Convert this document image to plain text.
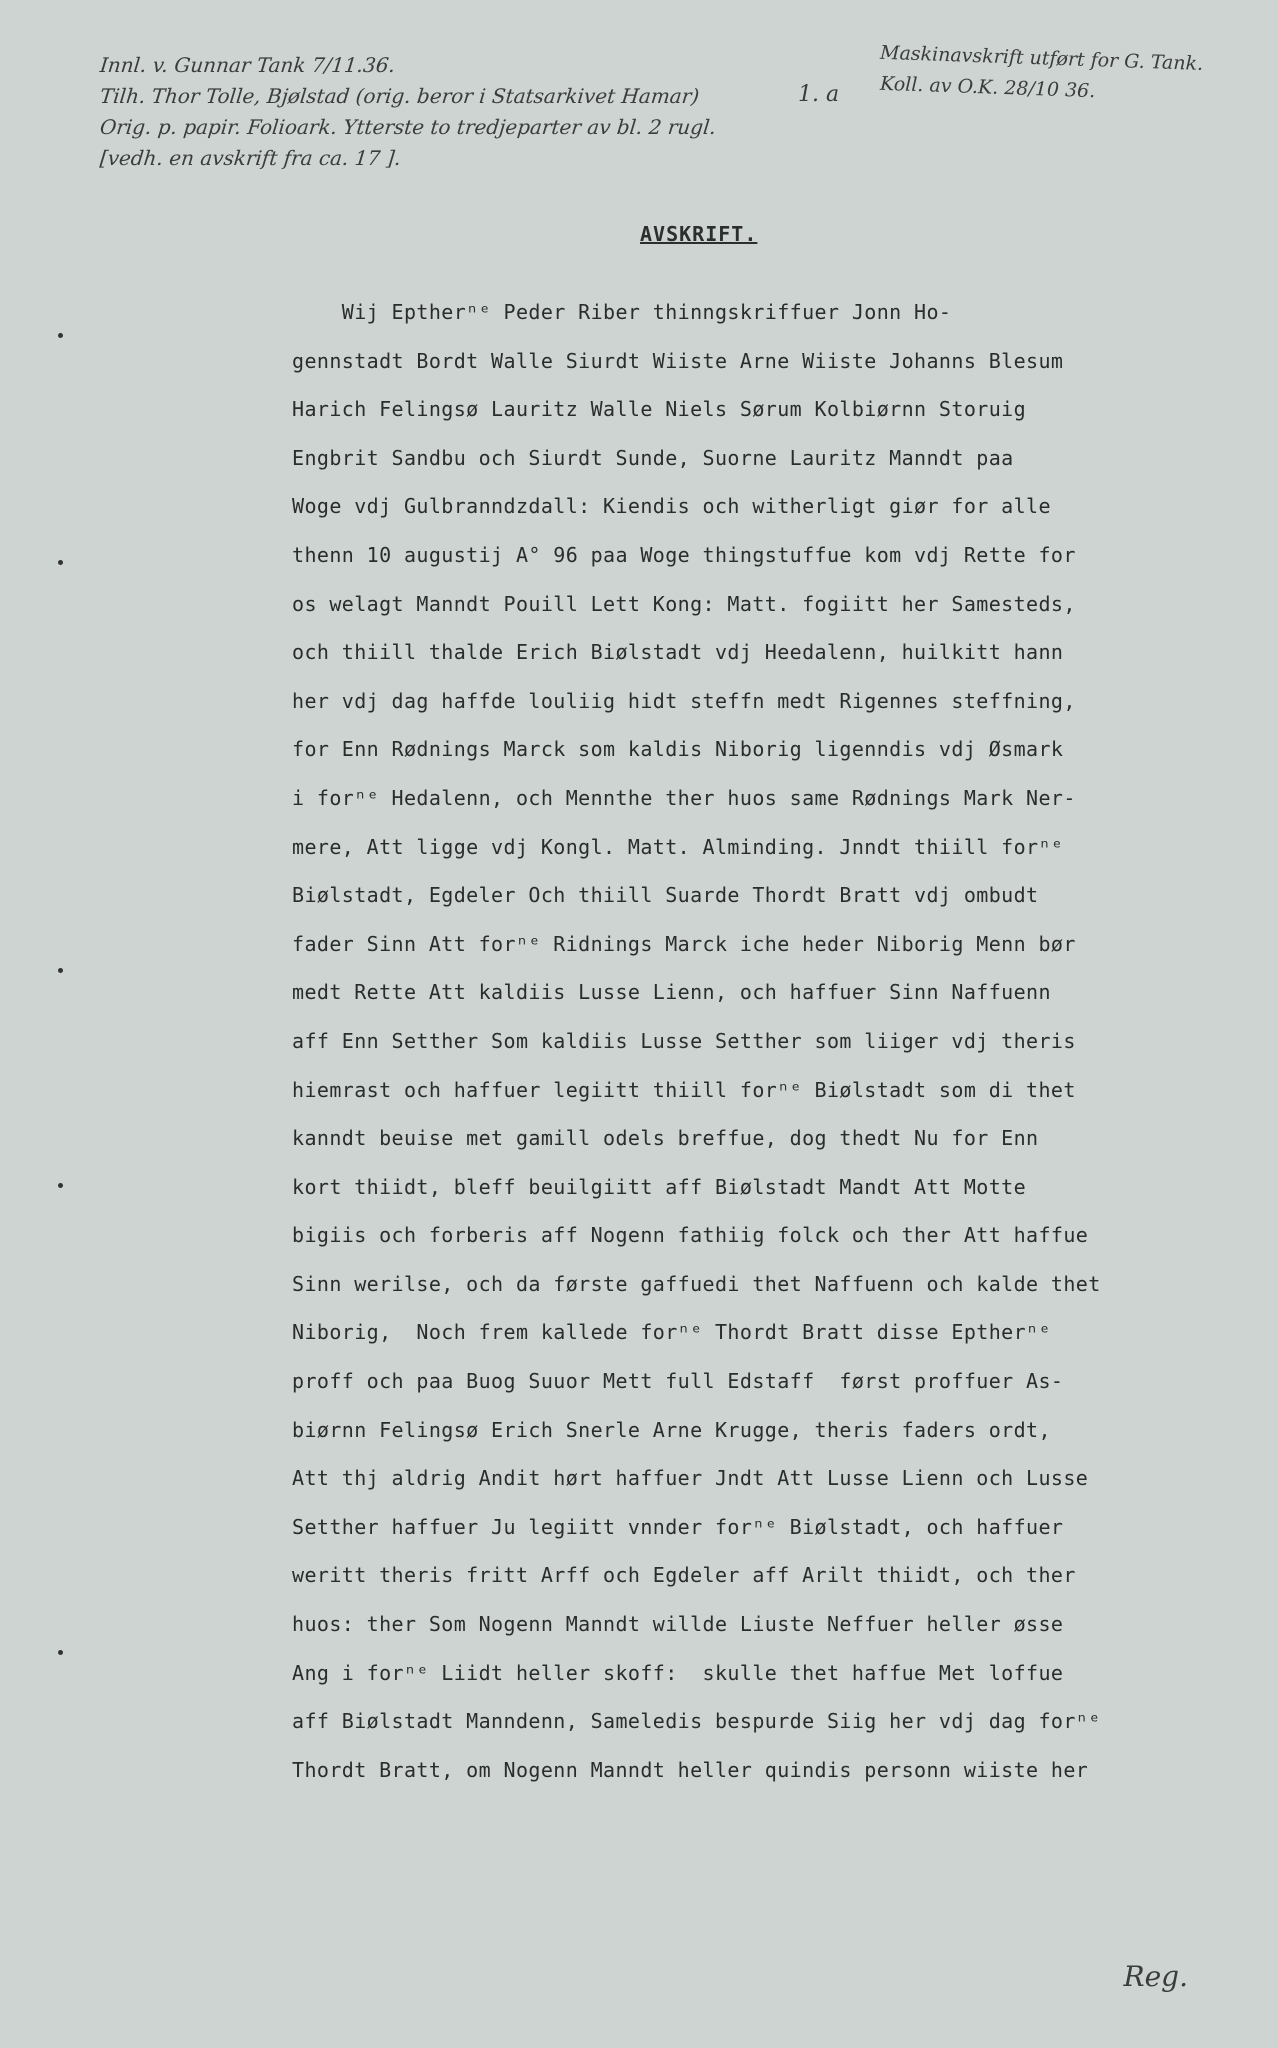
Innl. v. Gunnar Tank 7/11.36.
Tilh. Thor Tolle, Bjølstad (orig. beror i Statsarkivet Hamar)
Orig. p. papir. Folioark. Ytterste to tredjeparter av bl. 2 rugl.
[vedh. en avskrift fra ca. 17 ].
1. a
Maskinavskrift utført for G. Tank.
Koll. av O.K. 28/10 36.
AVSKRIFT.
Wij Eptherⁿᵉ Peder Riber thinngskriffuer Jonn Ho-
gennstadt Bordt Walle Siurdt Wiiste Arne Wiiste Johanns Blesum
Harich Felingsø Lauritz Walle Niels Sørum Kolbiørnn Storuig
Engbrit Sandbu och Siurdt Sunde, Suorne Lauritz Manndt paa
Woge vdj Gulbranndzdall: Kiendis och witherligt giør for alle
thenn 10 augustij A° 96 paa Woge thingstuffue kom vdj Rette for
os welagt Manndt Pouill Lett Kong: Matt. fogiitt her Samesteds,
och thiill thalde Erich Biølstadt vdj Heedalenn, huilkitt hann
her vdj dag haffde louliig hidt steffn medt Rigennes steffning,
for Enn Rødnings Marck som kaldis Niborig ligenndis vdj Øsmark
i forⁿᵉ Hedalenn, och Mennthe ther huos same Rødnings Mark Ner-
mere, Att ligge vdj Kongl. Matt. Alminding. Jnndt thiill forⁿᵉ
Biølstadt, Egdeler Och thiill Suarde Thordt Bratt vdj ombudt
fader Sinn Att forⁿᵉ Ridnings Marck iche heder Niborig Menn bør
medt Rette Att kaldiis Lusse Lienn, och haffuer Sinn Naffuenn
aff Enn Setther Som kaldiis Lusse Setther som liiger vdj theris
hiemrast och haffuer legiitt thiill forⁿᵉ Biølstadt som di thet
kanndt beuise met gamill odels breffue, dog thedt Nu for Enn
kort thiidt, bleff beuilgiitt aff Biølstadt Mandt Att Motte
bigiis och forberis aff Nogenn fathiig folck och ther Att haffue
Sinn werilse, och da første gaffuedi thet Naffuenn och kalde thet
Niborig,  Noch frem kallede forⁿᵉ Thordt Bratt disse Eptherⁿᵉ
proff och paa Buog Suuor Mett full Edstaff  først proffuer As-
biørnn Felingsø Erich Snerle Arne Krugge, theris faders ordt,
Att thj aldrig Andit hørt haffuer Jndt Att Lusse Lienn och Lusse
Setther haffuer Ju legiitt vnnder forⁿᵉ Biølstadt, och haffuer
weritt theris fritt Arff och Egdeler aff Arilt thiidt, och ther
huos: ther Som Nogenn Manndt willde Liuste Neffuer heller øsse
Ang i forⁿᵉ Liidt heller skoff:  skulle thet haffue Met loffue
aff Biølstadt Manndenn, Sameledis bespurde Siig her vdj dag forⁿᵉ
Thordt Bratt, om Nogenn Manndt heller quindis personn wiiste her
Reg.
